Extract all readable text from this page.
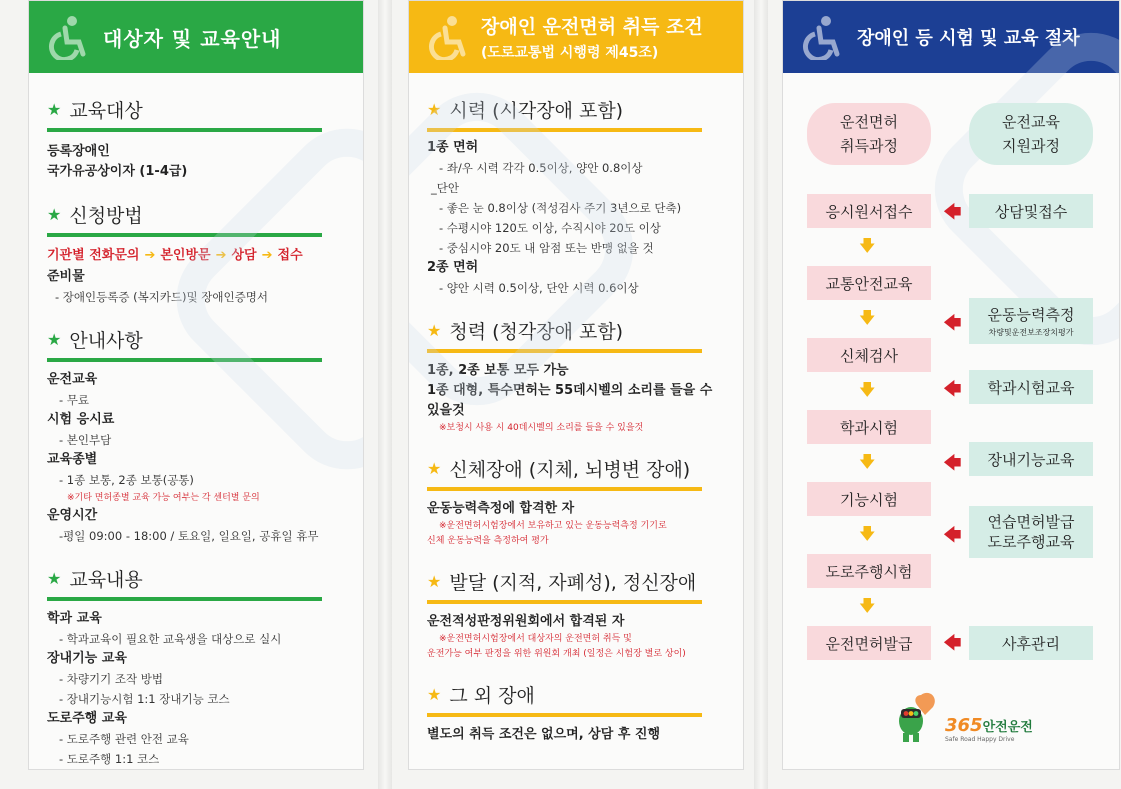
대상자 및 교육안내
★ 교육대상
등록장애인
국가유공상이자 (1-4급)
★ 신청방법
기관별 전화문의 ➔ 본인방문 ➔ 상담 ➔ 접수
준비물
- 장애인등록증 (복지카드)및 장애인증명서
★ 안내사항
운전교육
- 무료
시험 응시료
- 본인부담
교육종별
- 1종 보통, 2종 보통(공통)
※기타 면허종별 교육 가능 여부는 각 센터별 문의
운영시간
-평일 09:00 - 18:00 / 토요일, 일요일, 공휴일 휴무
★ 교육내용
학과 교육
- 학과교육이 필요한 교육생을 대상으로 실시
장내기능 교육
- 차량기기 조작 방법
- 장내기능시험 1:1 장내기능 코스
도로주행 교육
- 도로주행 관련 안전 교육
- 도로주행 1:1 코스
장애인 운전면허 취득 조건
(도로교통법 시행령 제45조)
★ 시력 (시각장애 포함)
1종 면허
- 좌/우 시력 각각 0.5이상, 양안 0.8이상
_단안
- 좋은 눈 0.8이상 (적성검사 주기 3년으로 단축)
- 수평시야 120도 이상, 수직시야 20도 이상
- 중심시야 20도 내 암점 또는 반맹 없을 것
2종 면허
- 양안 시력 0.5이상, 단안 시력 0.6이상
★ 청력 (청각장애 포함)
1종, 2종 보통 모두 가능
1종 대형, 특수면허는 55데시벨의 소리를 들을 수 있을것
※보청시 사용 시 40데시벨의 소리를 들을 수 있을것
★ 신체장애 (지체, 뇌병변 장애)
운동능력측정에 합격한 자
※운전면허시험장에서 보유하고 있는 운동능력측정 기기로
신체 운동능력을 측정하여 평가
★ 발달 (지적, 자폐성), 정신장애
운전적성판정위원회에서 합격된 자
※운전면허시험장에서 대상자의 운전면허 취득 및
운전가능 여부 판정을 위한 위원회 개최 (일정은 시험장 별로 상이)
★ 그 외 장애
별도의 취득 조건은 없으며, 상담 후 진행
장애인 등 시험 및 교육 절차
운전면허
취득과정
운전교육
지원과정
응시원서접수
🡇
교통안전교육
🡇
신체검사
🡇
학과시험
🡇
기능시험
🡇
도로주행시험
🡇
운전면허발급
🡄
🡄
🡄
🡄
🡄
🡄
상담및접수
운동능력측정
차량및운전보조장치평가
학과시험교육
장내기능교육
연습면허발급
도로주행교육
사후관리
365안전운전
Safe Road Happy Drive
